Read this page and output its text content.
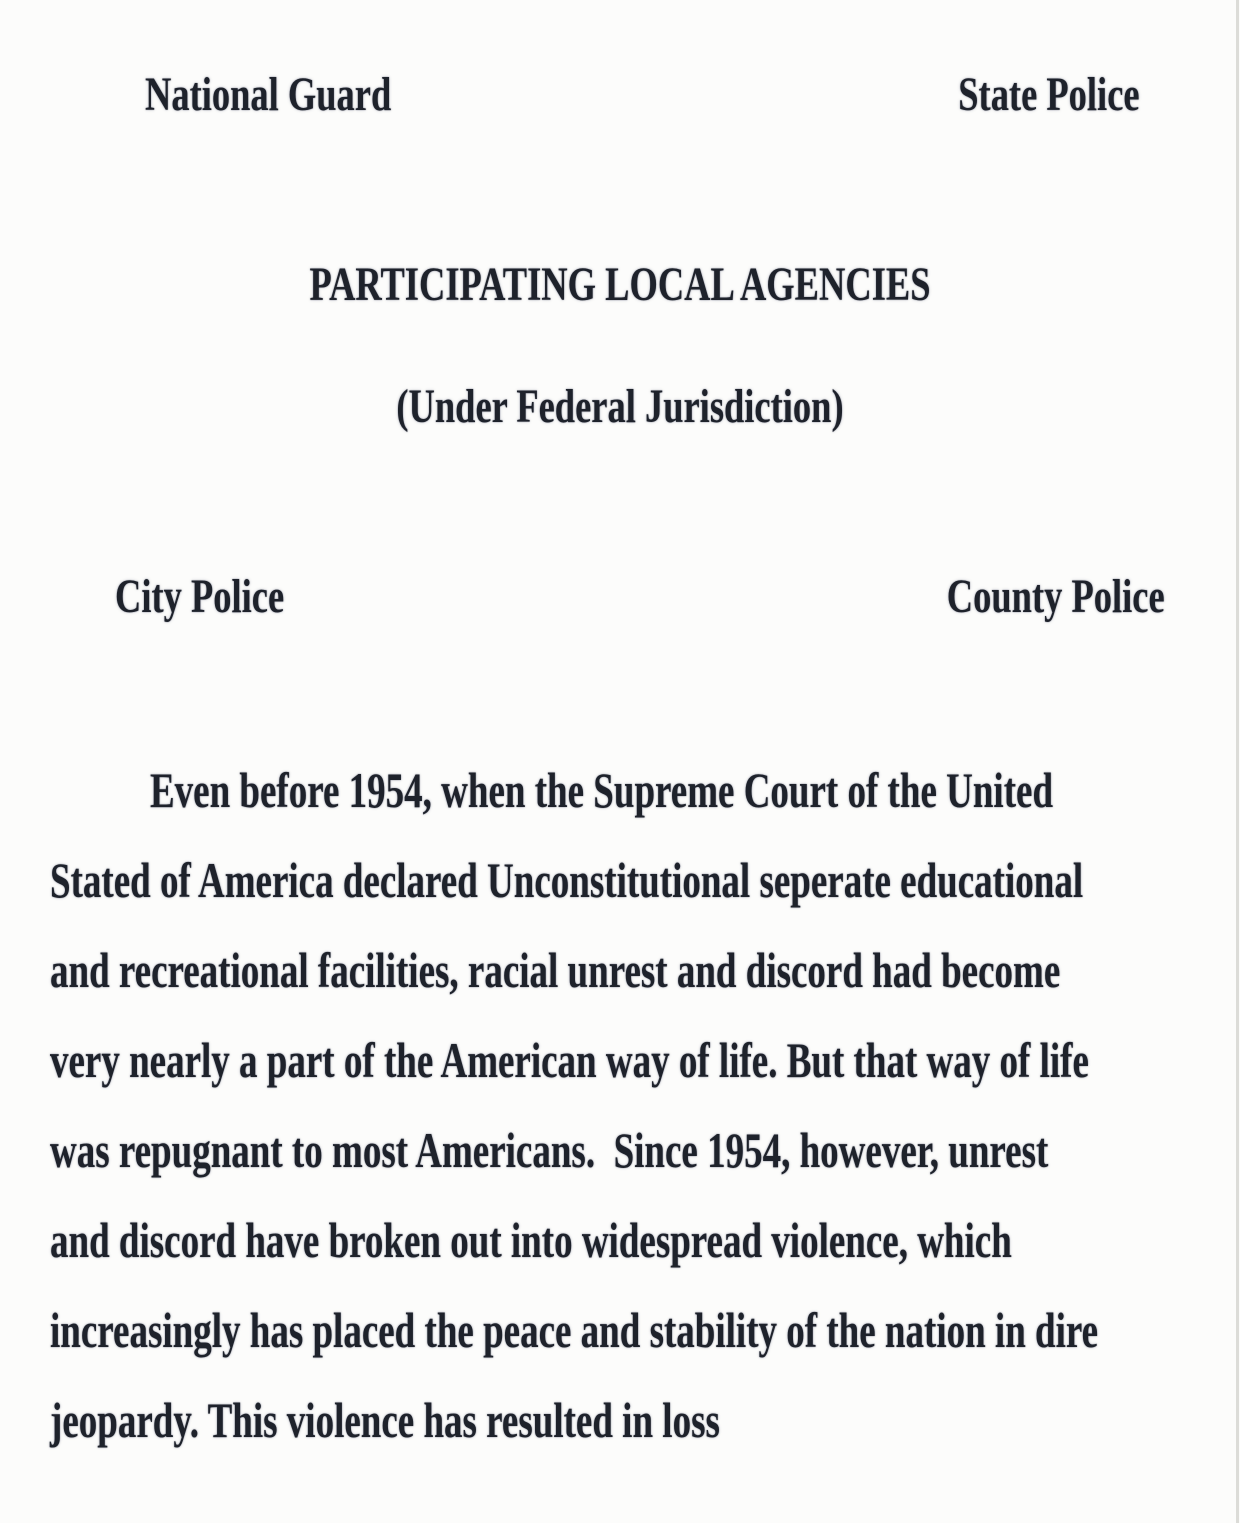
National Guard	State Police
PARTICIPATING LOCAL AGENCIES
(Under Federal Jurisdiction)
City Police	County Police
Even before 1954, when the Supreme Court of the United
Stated of America declared Unconstitutional seperate educational
and recreational facilities, racial unrest and discord had become
very nearly a part of the American way of life. But that way of life
was repugnant to most Americans.  Since 1954, however, unrest
and discord have broken out into widespread violence, which
increasingly has placed the peace and stability of the nation in dire
jeopardy. This violence has resulted in loss
